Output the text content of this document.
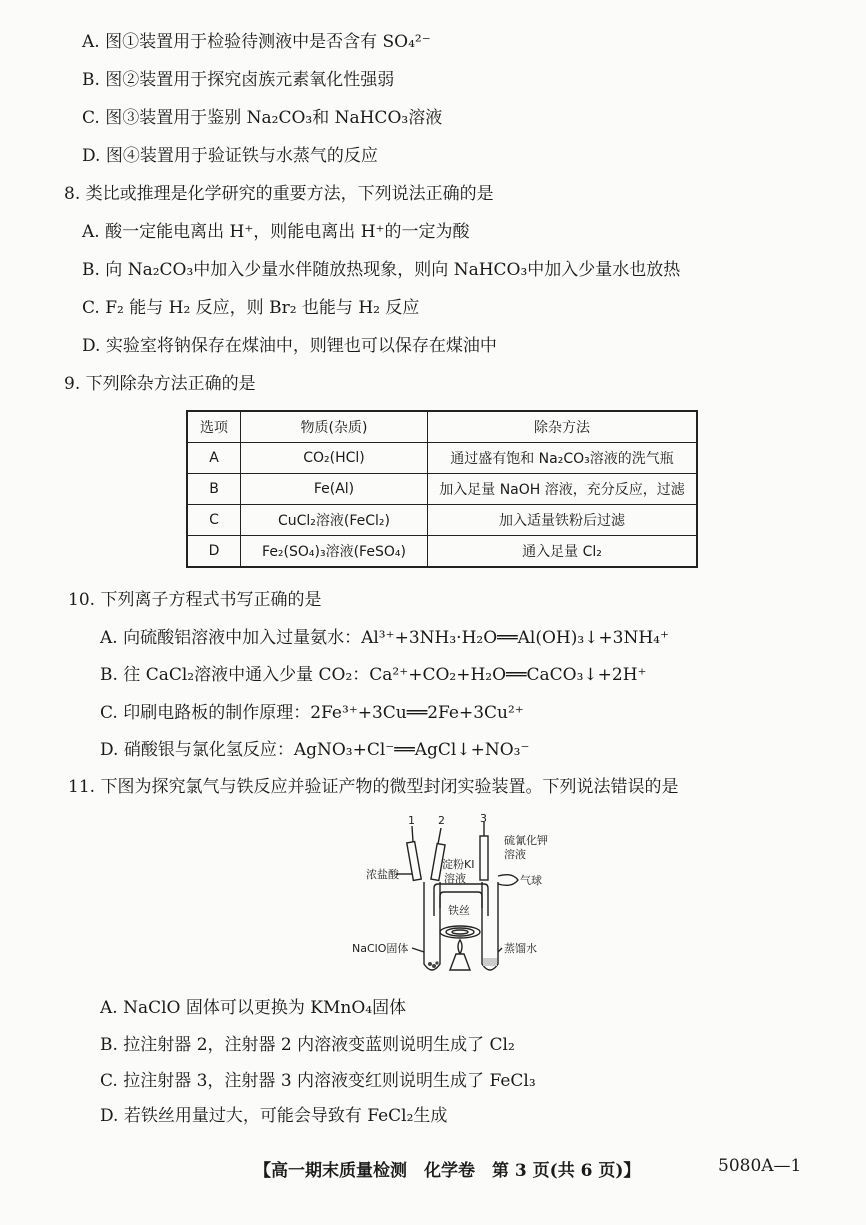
A. 图①装置用于检验待测液中是否含有 SO₄²⁻
B. 图②装置用于探究卤族元素氧化性强弱
C. 图③装置用于鉴别 Na₂CO₃和 NaHCO₃溶液
D. 图④装置用于验证铁与水蒸气的反应
8. 类比或推理是化学研究的重要方法，下列说法正确的是
A. 酸一定能电离出 H⁺，则能电离出 H⁺的一定为酸
B. 向 Na₂CO₃中加入少量水伴随放热现象，则向 NaHCO₃中加入少量水也放热
C. F₂ 能与 H₂ 反应，则 Br₂ 也能与 H₂ 反应
D. 实验室将钠保存在煤油中，则锂也可以保存在煤油中
9. 下列除杂方法正确的是
选项	物质(杂质)	除杂方法
A	CO₂(HCl)	通过盛有饱和 Na₂CO₃溶液的洗气瓶
B	Fe(Al)	加入足量 NaOH 溶液，充分反应，过滤
C	CuCl₂溶液(FeCl₂)	加入适量铁粉后过滤
D	Fe₂(SO₄)₃溶液(FeSO₄)	通入足量 Cl₂
10. 下列离子方程式书写正确的是
A. 向硫酸铝溶液中加入过量氨水：Al³⁺+3NH₃·H₂O══Al(OH)₃↓+3NH₄⁺
B. 往 CaCl₂溶液中通入少量 CO₂：Ca²⁺+CO₂+H₂O══CaCO₃↓+2H⁺
C. 印刷电路板的制作原理：2Fe³⁺+3Cu══2Fe+3Cu²⁺
D. 硝酸银与氯化氢反应：AgNO₃+Cl⁻══AgCl↓+NO₃⁻
11. 下图为探究氯气与铁反应并验证产物的微型封闭实验装置。下列说法错误的是
1 2	3
硫氰化钾
溶液
浓盐酸
淀粉KI
溶液	气球
铁丝
NaClO固体	蒸馏水
A. NaClO 固体可以更换为 KMnO₄固体
B. 拉注射器 2，注射器 2 内溶液变蓝则说明生成了 Cl₂
C. 拉注射器 3，注射器 3 内溶液变红则说明生成了 FeCl₃
D. 若铁丝用量过大，可能会导致有 FeCl₂生成
【高一期末质量检测　化学卷　第 3 页(共 6 页)】	5080A—1
